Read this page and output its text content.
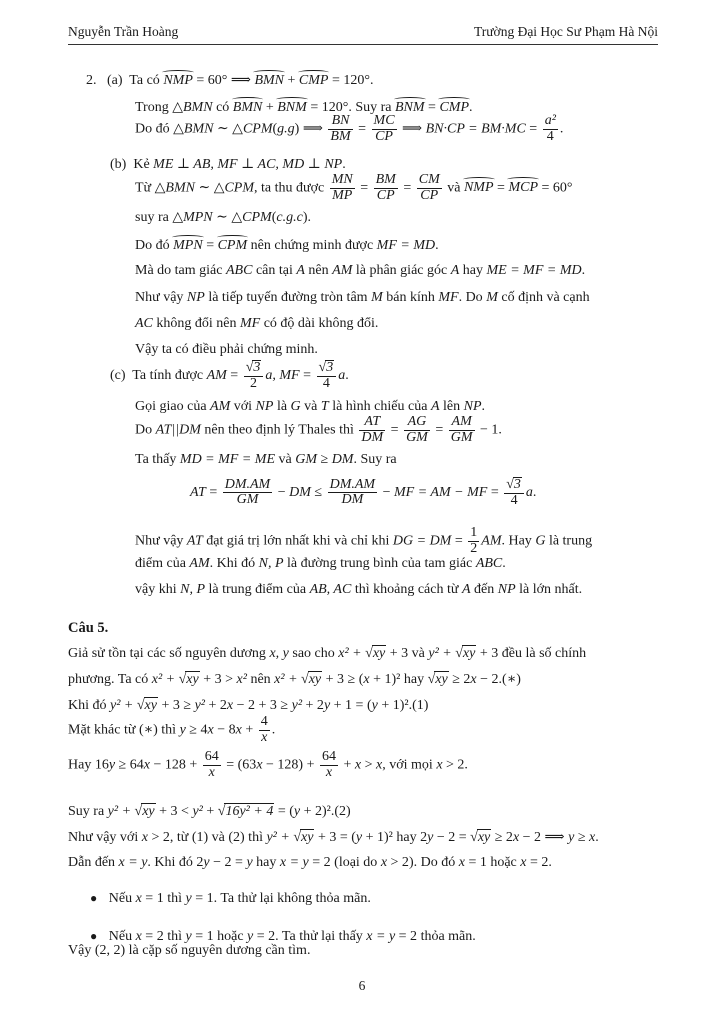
Nguyễn Trần Hoàng	Trường Đại Học Sư Phạm Hà Nội
2. (a) Ta có NMP = 60° ⟹ BMN + CMP = 120°.
Trong △BMN có BMN + BNM = 120°. Suy ra BNM = CMP.
Do đó △BMN ∼ △CPM(g.g) ⟹ $\frac{BN}{BM} = \frac{MC}{CP}$ ⟹ $BN\cdot CP = BM\cdot MC = \frac{\text{a²}}{4}$ .
(b) Kẻ ME ⊥ AB, MF ⊥ AC, MD ⊥ NP.
Từ △BMN ∼ △CPM, ta thu được $\frac{MN}{MP} = \frac{BM}{CP} = \frac{CM}{CP}$ và NMP = MCP = 60°
suy ra △MPN ∼ △CPM(c.g.c).
Do đó MPN = CPM nên chứng minh được MF = MD.
Mà do tam giác ABC cân tại A nên AM là phân giác góc A hay ME = MF = MD.
Như vậy NP là tiếp tuyến đường tròn tâm M bán kính MF. Do M cố định và cạnh
AC không đổi nên MF có độ dài không đổi.
Vậy ta có điều phải chứng minh.
(c) Ta tính được AM = $\frac{√3}{2} a$, MF = $\frac{√3}{4} a$.
Gọi giao của AM với NP là G và T là hình chiếu của A lên NP.
Do AT||DM nên theo định lý Thales thì $\frac{AT}{DM} = \frac{AG}{GM} = \frac{AM}{GM} - 1$.
Ta thấy MD = MF = ME và GM ≥ DM. Suy ra
AT = $\frac{DM.AM}{GM}$ − DM ≤ $\frac{DM.AM}{DM}$ − MF = AM − MF = $\frac{√3}{4} a$.
Như vậy AT đạt giá trị lớn nhất khi và chỉ khi DG = DM = $\frac{1}{2}$ AM. Hay G là trung
điểm của AM. Khi đó N, P là đường trung bình của tam giác ABC.
vậy khi N, P là trung điểm của AB, AC thì khoảng cách từ A đến NP là lớn nhất.
Câu 5.
Giả sử tồn tại các số nguyên dương x, y sao cho x² + √xy + 3 và y² + √xy + 3 đều là số chính
phương. Ta có x² + √xy + 3 > x² nên x² + √xy + 3 ≥ (x + 1)² hay √xy ≥ 2x − 2.(∗)
Khi đó y² + √xy + 3 ≥ y² + 2x − 2 + 3 ≥ y² + 2y + 1 = (y + 1)².(1)
Mặt khác từ (∗) thì $y \ge 4x - 8x + \frac{4}{x}$ .
Hay $16y \ge 64x - 128 + \frac{64}{x} = (63x - 128) + \frac{64}{x} + x > x$, với mọi x > 2.
Suy ra y² + √xy + 3 < y² + √16y² + 4 = (y + 2)².(2)
Như vậy với x > 2, từ (1) và (2) thì y² + √xy + 3 = (y + 1)² hay 2y − 2 = √xy ≥ 2x − 2 ⟹ y ≥ x.
Dẫn đến x = y. Khi đó 2y − 2 = y hay x = y = 2 (loại do x > 2). Do đó x = 1 hoặc x = 2.
● Nếu x = 1 thì y = 1. Ta thử lại không thỏa mãn.
● Nếu x = 2 thì y = 1 hoặc y = 2. Ta thử lại thấy x = y = 2 thỏa mãn.
Vậy (2, 2) là cặp số nguyên dương cần tìm.
6
